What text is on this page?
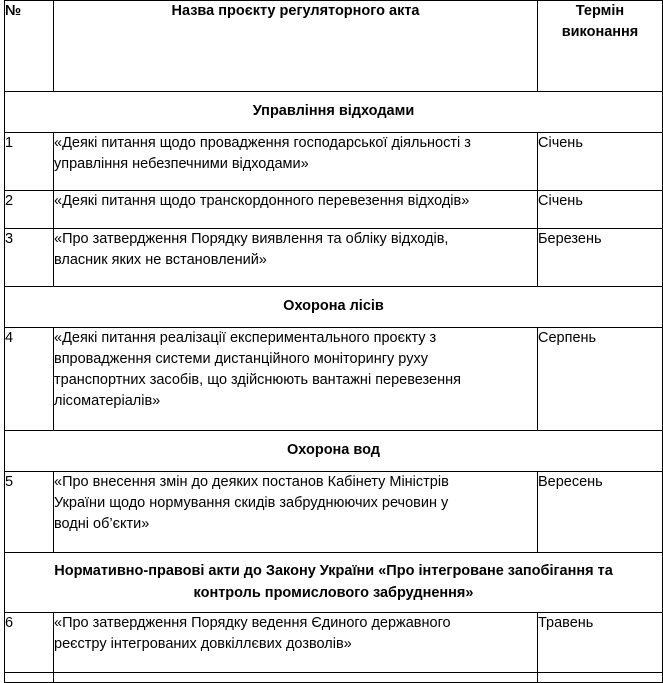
№	Назва проєкту регуляторного акта	Термін
виконання

Управління відходами		
1	«Деякі питання щодо провадження господарської діяльності з
управління небезпечними відходами»	Січень
2	«Деякі питання щодо транскордонного перевезення відходів»	Січень
3	«Про затвердження Порядку виявлення та обліку відходів,
власник яких не встановлений»	Березень
Охорона лісів		
4	«Деякі питання реалізації експериментального проєкту з
впровадження системи дистанційного моніторингу руху
транспортних засобів, що здійснюють вантажні перевезення
лісоматеріалів»	Серпень
Охорона вод		
5	«Про внесення змін до деяких постанов Кабінету Міністрів
України щодо нормування скидів забруднюючих речовин у
водні об’єкти»	Вересень

Нормативно-правові акти до Закону України «Про інтегроване запобігання та
контроль промислового забруднення»		

6	«Про затвердження Порядку ведення Єдиного державного
реєстру інтегрованих довкіллєвих дозволів»	Травень
